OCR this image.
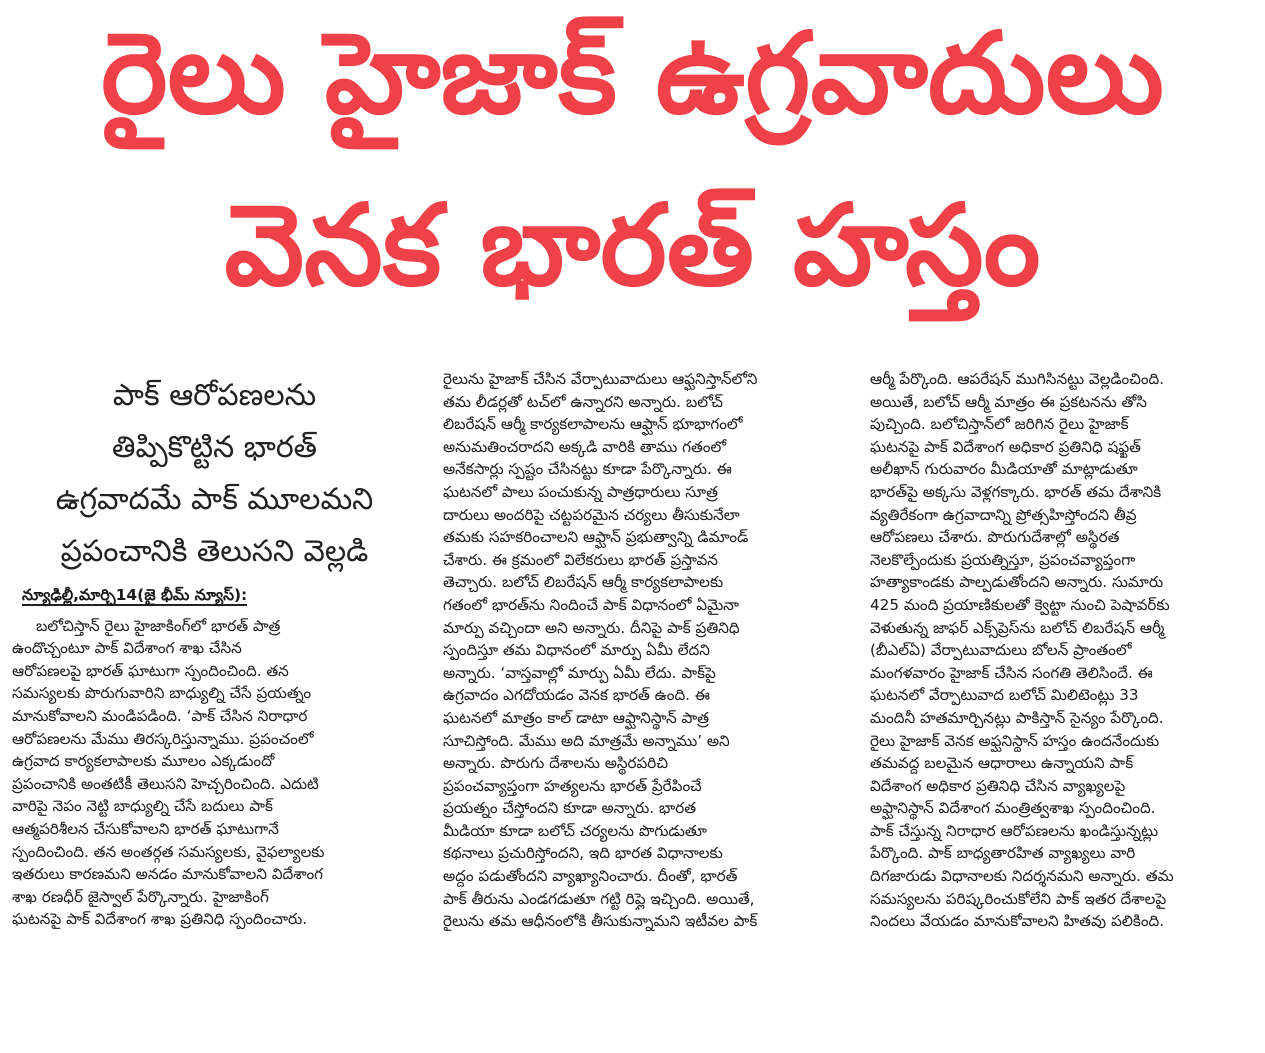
రైలు హైజాక్ ఉగ్రవాదులు
వెనక భారత్ హస్తం
పాక్ ఆరోపణలను
తిప్పికొట్టిన భారత్
ఉగ్రవాదమే పాక్ మూలమని
ప్రపంచానికి తెలుసని వెల్లడి
న్యూఢిల్లీ,మార్చి14(జై భీమ్ న్యూస్):

బలోచిస్తాన్ రైలు హైజాకింగ్‌లో భారత్ పాత్ర

ఉందొచ్చంటూ పాక్ విదేశాంగ శాఖ చేసిన

ఆరోపణలపై భారత్ ఘాటుగా స్పందించింది. తన

సమస్యలకు పొరుగువారిని బాధ్యుల్ని చేసే ప్రయత్నం

మానుకోవాలని మండిపడింది. ‘పాక్ చేసిన నిరాధార

ఆరోపణలను మేము తిరస్కరిస్తున్నాము. ప్రపంచంలో

ఉగ్రవాద కార్యకలాపాలకు మూలం ఎక్కడుందో

ప్రపంచానికి అంతటికీ తెలుసని హెచ్చరించింది. ఎదుటి

వారిపై నెపం నెట్టి బాధ్యుల్ని చేసే బదులు పాక్

ఆత్మపరిశీలన చేసుకోవాలని భారత్ ఘాటుగానే

స్పందించింది. తన అంతర్గత సమస్యలకు, వైఫల్యాలకు

ఇతరులు కారణమని అనడం మానుకోవాలని విదేశాంగ

శాఖ రణధీర్ జైస్వాల్ పేర్కొన్నారు. హైజాకింగ్

ఘటనపై పాక్ విదేశాంగ శాఖ ప్రతినిధి స్పందించారు.

రైలును హైజాక్ చేసిన వేర్పాటువాదులు ఆఫ్ఘనిస్తాన్‌లోని

తమ లీడర్లతో టచ్‌లో ఉన్నారని అన్నారు. బలోచ్

లిబరేషన్ ఆర్మీ కార్యకలాపాలను ఆఫ్ఘాన్ భూభాగంలో

అనుమతించరాదని అక్కడి వారికి తాము గతంలో

అనేకసార్లు స్పష్టం చేసినట్టు కూడా పేర్కొన్నారు. ఈ

ఘటనలో పాలు పంచుకున్న పాత్రధారులు సూత్ర

దారులు అందరిపై చట్టపరమైన చర్యలు తీసుకునేలా

తమకు సహకరించాలని ఆఫ్ఘాన్ ప్రభుత్వాన్ని డిమాండ్

చేశారు. ఈ క్రమంలో విలేకరులు భారత్ ప్రస్తావన

తెచ్చారు. బలోచ్ లిబరేషన్ ఆర్మీ కార్యకలాపాలకు

గతంలో భారత్‌ను నిందించే పాక్ విధానంలో ఏమైనా

మార్పు వచ్చిందా అని అన్నారు. దీనిపై పాక్ ప్రతినిధి

స్పందిస్తూ తమ విధానంలో మార్పు ఏమీ లేదని

అన్నారు. ‘వాస్తవాల్లో మార్పు ఏమీ లేదు. పాక్‌పై

ఉగ్రవాదం ఎగదోయడం వెనక భారత్ ఉంది. ఈ

ఘటనలో మాత్రం కాల్ డాటా ఆఫ్ఘానిస్థాన్ పాత్ర

సూచిస్తోంది. మేము అది మాత్రమే అన్నాము’ అని

అన్నారు. పొరుగు దేశాలను అస్థిరపరిచి

ప్రపంచవ్యాప్తంగా హత్యలను భారత్ ప్రేరేపించే

ప్రయత్నం చేస్తోందని కూడా అన్నారు. భారత

మీడియా కూడా బలోచ్ చర్యలను పొగుడుతూ

కథనాలు ప్రచురిస్తోందని, ఇది భారత విధానాలకు

అద్దం పడుతోందని వ్యాఖ్యానించారు. దీంతో, భారత్

పాక్ తీరును ఎండగడుతూ గట్టి రిప్లై ఇచ్చింది. అయితే,

రైలును తమ ఆధీనంలోకి తీసుకున్నామని ఇటీవల పాక్

ఆర్మీ పేర్కొంది. ఆపరేషన్ ముగిసినట్టు వెల్లడించింది.

అయితే, బలోచ్ ఆర్మీ మాత్రం ఈ ప్రకటనను తోసి

పుచ్చింది. బలోచిస్తాన్‌లో జరిగిన రైలు హైజాక్

ఘటనపై పాక్ విదేశాంగ అధికార ప్రతినిధి షఫ్ఖత్

అలీఖాన్ గురువారం మీడియాతో మాట్లాడుతూ

భారత్‌పై అక్కసు వెళ్లగక్కారు. భారత్ తమ దేశానికి

వ్యతిరేకంగా ఉగ్రవాదాన్ని ప్రోత్సహిస్తోందని తీవ్ర

ఆరోపణలు చేశారు. పొరుగుదేశాల్లో అస్థిరత

నెలకొల్పేందుకు ప్రయత్నిస్తూ, ప్రపంచవ్యాప్తంగా

హత్యాకాండకు పాల్పడుతోందని అన్నారు. సుమారు

425 మంది ప్రయాణికులతో క్వెట్టా నుంచి పెషావర్‌కు

వెళుతున్న జాఫర్ ఎక్స్‌ప్రెస్‌ను బలోచ్ లిబరేషన్ ఆర్మీ

(బీఎల్ఏ) వేర్పాటువాదులు బోలన్ ప్రాంతంలో

మంగళవారం హైజాక్ చేసిన సంగతి తెలిసిందే. ఈ

ఘటనలో వేర్పాటువాద బలోచ్ మిలిటెంట్లు 33

మందినీ హతమార్చినట్లు పాకిస్తాన్ సైన్యం పేర్కొంది.

రైలు హైజాక్ వెనక అఫ్ఘనిస్థాన్ హస్తం ఉందనేందుకు

తమవద్ద బలమైన ఆధారాలు ఉన్నాయని పాక్

విదేశాంగ అధికార ప్రతినిధి చేసిన వ్యాఖ్యలపై

అఫ్ఘానిస్థాన్ విదేశాంగ మంత్రిత్వశాఖ స్పందించింది.

పాక్ చేస్తున్న నిరాధార ఆరోపణలను ఖండిస్తున్నట్లు

పేర్కొంది. పాక్ బాధ్యతారహిత వ్యాఖ్యలు వారి

దిగజారుడు విధానాలకు నిదర్శనమని అన్నారు. తమ

సమస్యలను పరిష్కరించుకోలేని పాక్ ఇతర దేశాలపై

నిందలు వేయడం మానుకోవాలని హితవు పలికింది.
